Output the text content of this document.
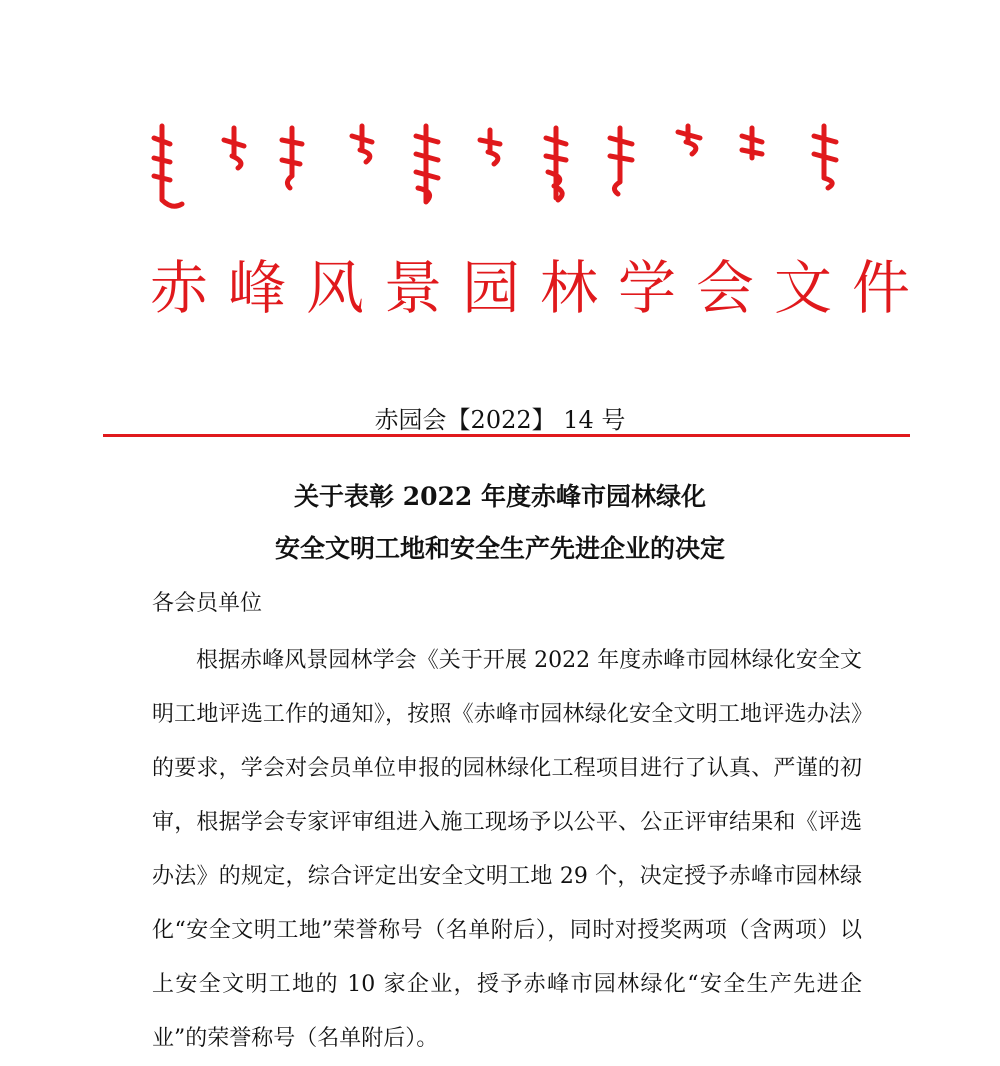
赤峰风景园林学会文件
赤园会【2022】 14 号
关于表彰 2022 年度赤峰市园林绿化
安全文明工地和安全生产先进企业的决定
各会员单位

根据赤峰风景园林学会《关于开展 2022 年度赤峰市园林绿化安全文明工地评选工作的通知》，按照《赤峰市园林绿化安全文明工地评选办法》的要求，学会对会员单位申报的园林绿化工程项目进行了认真、严谨的初审，根据学会专家评审组进入施工现场予以公平、公正评审结果和《评选办法》的规定，综合评定出安全文明工地 29 个，决定授予赤峰市园林绿化“安全文明工地”荣誉称号（名单附后），同时对授奖两项（含两项）以上安全文明工地的 10 家企业，授予赤峰市园林绿化“安全生产先进企业”的荣誉称号（名单附后）。
